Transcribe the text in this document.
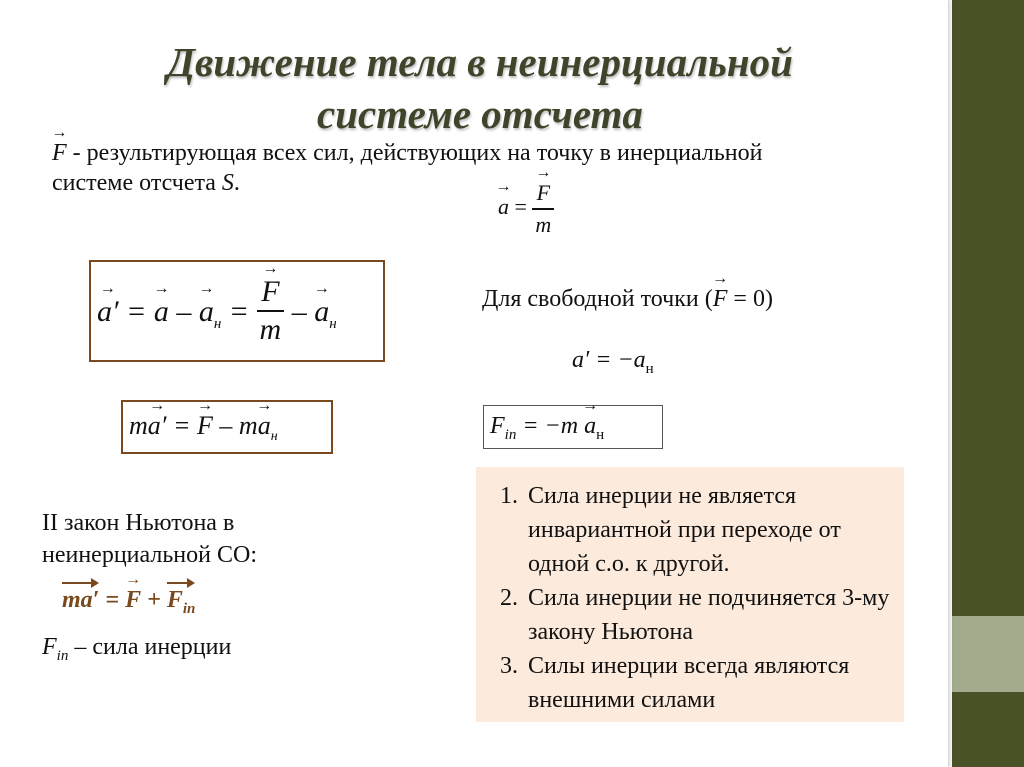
Движение тела в неинерциальной системе отсчета
→ F - результирующая всех сил, действующих на точку в инерциальной
системе отсчета S.
→ a = → $\frac{F}{m}$
→ a′ = → a – → $a_н$ = → $\frac{F}{m}$ – → $a_н$
m→ a′ = → $F - m\to a_н$
Для свободной точки (→ F = 0)
$a' = -a_н$
$F_{in} = -m \to a_н$
II закон Ньютона в
неинерциальной СО:
ma′ = → $F + F_{in}$
$F_{in}$ – сила инерции
1. Сила инерции не является инвариантной при переходе от одной с.о. к другой.
2. Сила инерции не подчиняется 3-му закону Ньютона
3. Силы инерции всегда являются внешними силами
